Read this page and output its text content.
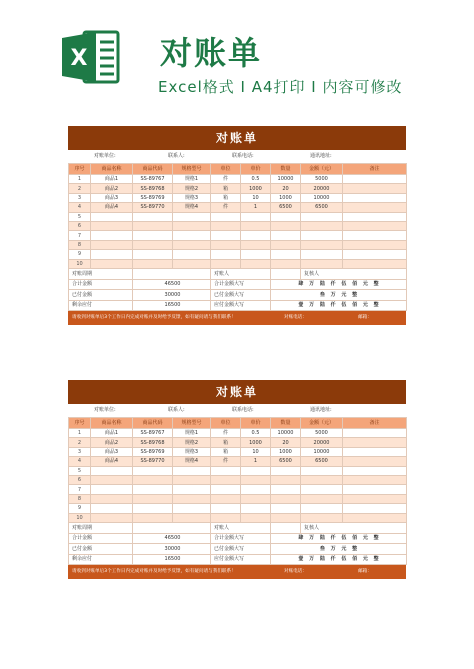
X 对账单
Excel格式 I A4打印 I 内容可修改
对账单
对账单位:	联系人:	联系电话:	通讯地址:
序号	商品名称	商品代码	规格型号	单位	单价	数量	金额（元）	备注
1	商品1	SS-89767	规格1	件	0.5	10000	5000	
2	商品2	SS-89768	规格2	箱	1000	20	20000	
3	商品3	SS-89769	规格3	箱	10	1000	10000	
4	商品4	SS-89770	规格4	件	1	6500	6500	
5								
6								
7								
8								
9								
10								
对账周期				对账人			复核人	
合计金额		46500		合计金额大写		肆 万 陆 仟 伍 佰 元 整		
已付金额		30000		已付金额大写		叁 万 元 整		
剩余应付		16500		应付金额大写		壹 万 陆 仟 伍 佰 元 整		
请收到对账单后3个工作日内完成对账并及时给予反馈，如有疑问请与我们联系！	对账电话：	邮箱：
对账单
对账单位:	联系人:	联系电话:	通讯地址:
序号	商品名称	商品代码	规格型号	单位	单价	数量	金额（元）	备注
1	商品1	SS-89767	规格1	件	0.5	10000	5000	
2	商品2	SS-89768	规格2	箱	1000	20	20000	
3	商品3	SS-89769	规格3	箱	10	1000	10000	
4	商品4	SS-89770	规格4	件	1	6500	6500	
5								
6								
7								
8								
9								
10								
对账周期				对账人			复核人	
合计金额		46500		合计金额大写		肆 万 陆 仟 伍 佰 元 整		
已付金额		30000		已付金额大写		叁 万 元 整		
剩余应付		16500		应付金额大写		壹 万 陆 仟 伍 佰 元 整		
请收到对账单后3个工作日内完成对账并及时给予反馈，如有疑问请与我们联系！	对账电话：	邮箱：
